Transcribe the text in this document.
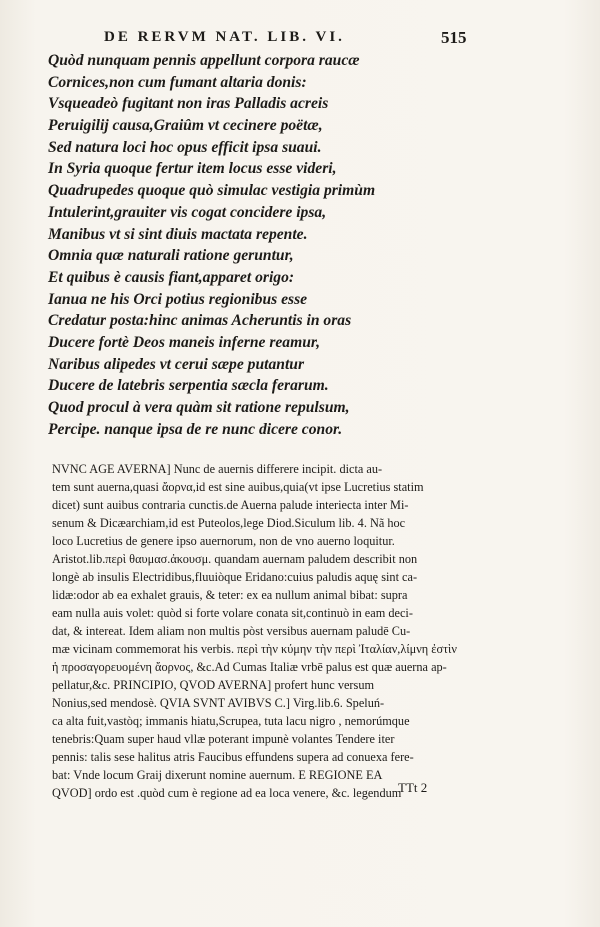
DE RERVM NAT. LIB. VI.	515
Quòd nunquam pennis appellunt corpora raucæ
Cornices,non cum fumant altaria donis:
Vsqueadeò fugitant non iras Palladis acreis
Peruigilij causa,Graiûm vt cecinere poëtæ,
Sed natura loci hoc opus efficit ipsa suaui.
In Syria quoque fertur item locus esse videri,
Quadrupedes quoque quò simulac vestigia primùm
Intulerint,grauiter vis cogat concidere ipsa,
Manibus vt si sint diuis mactata repente.
Omnia quæ naturali ratione geruntur,
Et quibus è causis fiant,apparet origo:
Ianua ne his Orci potius regionibus esse
Credatur posta:hinc animas Acheruntis in oras
Ducere fortè Deos maneis inferne reamur,
Naribus alipedes vt cerui sæpe putantur
Ducere de latebris serpentia sæcla ferarum.
Quod procul à vera quàm sit ratione repulsum,
Percipe. nanque ipsa de re nunc dicere conor.
NVNC AGE AVERNA] Nunc de auernis differere incipit. dicta au-
tem sunt auerna,quasi ἄορνα,id est sine auibus,quia(vt ipse Lucretius statim
dicet) sunt auibus contraria cunctis.de Auerna palude interiecta inter Mi-
senum & Dicæarchiam,id est Puteolos,lege Diod.Siculum lib. 4. Nã hoc
loco Lucretius de genere ipso auernorum, non de vno auerno loquitur.
Aristot.lib.περὶ θαυμασ.ἀκουσμ. quandam auernam paludem describit non
longè ab insulis Electridibus,fluuiòque Eridano:cuius paludis aquę sint ca-
lidæ:odor ab ea exhalet grauis, & teter: ex ea nullum animal bibat: supra
eam nulla auis volet: quòd si forte volare conata sit,continuò in eam deci-
dat, & intereat. Idem aliam non multis pòst versibus auernam paludē Cu-
mæ vicinam commemorat his verbis. περὶ τὴν κύμην τὴν περὶ Ἰταλίαν,λίμνη ἐστὶν
ἡ προσαγορευομένη ἄορνος, &c.Ad Cumas Italiæ vrbē palus est quæ auerna ap-
pellatur,&c. PRINCIPIO, QVOD AVERNA] profert hunc versum
Nonius,sed mendosè. QVIA SVNT AVIBVS C.] Virg.lib.6. Speluń-
ca alta fuit,vastòq; immanis hiatu,Scrupea, tuta lacu nigro , nemorúmque
tenebris:Quam super haud vllæ poterant impunè volantes Tendere iter
pennis: talis sese halitus atris Faucibus effundens supera ad conuexa fere-
bat: Vnde locum Graij dixerunt nomine auernum. E REGIONE EA
QVOD] ordo est .quòd cum è regione ad ea loca venere, &c. legendum
TTt 2
